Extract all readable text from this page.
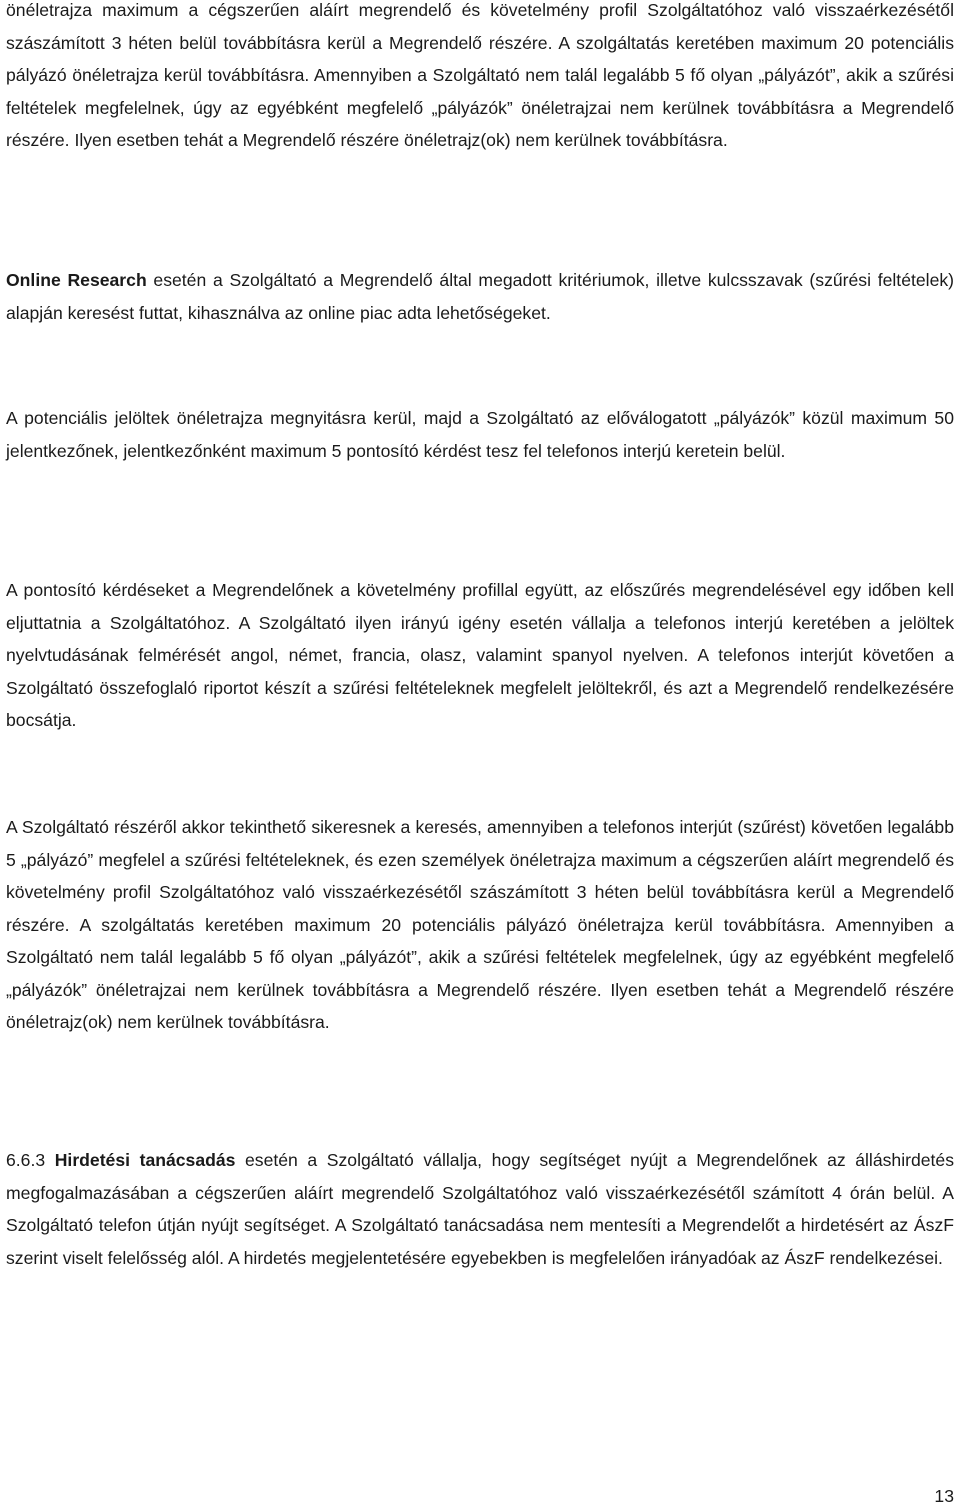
önéletrajza maximum a cégszerűen aláírt megrendelő és követelmény profil Szolgáltatóhoz való visszaérkezésétől szászámított 3 héten belül továbbításra kerül a Megrendelő részére. A szolgáltatás keretében maximum 20 potenciális pályázó önéletrajza kerül továbbításra. Amennyiben a Szolgáltató nem talál legalább 5 fő olyan „pályázót”, akik a szűrési feltételek megfelelnek, úgy az egyébként megfelelő „pályázók” önéletrajzai nem kerülnek továbbításra a Megrendelő részére. Ilyen esetben tehát a Megrendelő részére önéletrajz(ok) nem kerülnek továbbításra.

Online Research esetén a Szolgáltató a Megrendelő által megadott kritériumok, illetve kulcsszavak (szűrési feltételek) alapján keresést futtat, kihasználva az online piac adta lehetőségeket.

A potenciális jelöltek önéletrajza megnyitásra kerül, majd a Szolgáltató az előválogatott „pályázók” közül maximum 50 jelentkezőnek, jelentkezőnként maximum 5 pontosító kérdést tesz fel telefonos interjú keretein belül.

A pontosító kérdéseket a Megrendelőnek a követelmény profillal együtt, az előszűrés megrendelésével egy időben kell eljuttatnia a Szolgáltatóhoz. A Szolgáltató ilyen irányú igény esetén vállalja a telefonos interjú keretében a jelöltek nyelvtudásának felmérését angol, német, francia, olasz, valamint spanyol nyelven. A telefonos interjút követően a Szolgáltató összefoglaló riportot készít a szűrési feltételeknek megfelelt jelöltekről, és azt a Megrendelő rendelkezésére bocsátja.

A Szolgáltató részéről akkor tekinthető sikeresnek a keresés, amennyiben a telefonos interjút (szűrést) követően legalább 5 „pályázó” megfelel a szűrési feltételeknek, és ezen személyek önéletrajza maximum a cégszerűen aláírt megrendelő és követelmény profil Szolgáltatóhoz való visszaérkezésétől szászámított 3 héten belül továbbításra kerül a Megrendelő részére. A szolgáltatás keretében maximum 20 potenciális pályázó önéletrajza kerül továbbításra. Amennyiben a Szolgáltató nem talál legalább 5 fő olyan „pályázót”, akik a szűrési feltételek megfelelnek, úgy az egyébként megfelelő „pályázók” önéletrajzai nem kerülnek továbbításra a Megrendelő részére. Ilyen esetben tehát a Megrendelő részére önéletrajz(ok) nem kerülnek továbbításra.

6.6.3 Hirdetési tanácsadás esetén a Szolgáltató vállalja, hogy segítséget nyújt a Megrendelőnek az álláshirdetés megfogalmazásában a cégszerűen aláírt megrendelő Szolgáltatóhoz való visszaérkezésétől számított 4 órán belül. A Szolgáltató telefon útján nyújt segítséget. A Szolgáltató tanácsadása nem mentesíti a Megrendelőt a hirdetésért az ÁszF szerint viselt felelősség alól. A hirdetés megjelentetésére egyebekben is megfelelően irányadóak az ÁszF rendelkezései.

13
